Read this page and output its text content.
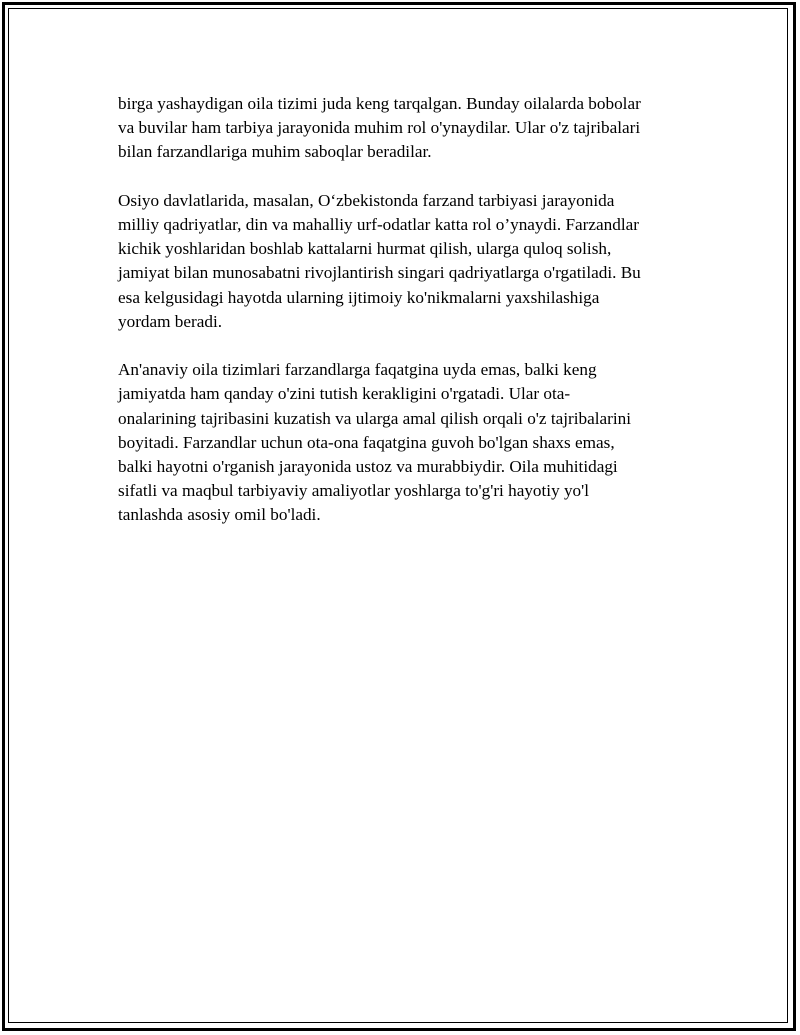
birga yashaydigan oila tizimi juda keng tarqalgan. Bunday oilalarda bobolar
va buvilar ham tarbiya jarayonida muhim rol o'ynaydilar. Ular o'z tajribalari
bilan farzandlariga muhim saboqlar beradilar.

Osiyo davlatlarida, masalan, O‘zbekistonda farzand tarbiyasi jarayonida
milliy qadriyatlar, din va mahalliy urf-odatlar katta rol o’ynaydi. Farzandlar
kichik yoshlaridan boshlab kattalarni hurmat qilish, ularga quloq solish,
jamiyat bilan munosabatni rivojlantirish singari qadriyatlarga o'rgatiladi. Bu
esa kelgusidagi hayotda ularning ijtimoiy ko'nikmalarni yaxshilashiga
yordam beradi.

An'anaviy oila tizimlari farzandlarga faqatgina uyda emas, balki keng
jamiyatda ham qanday o'zini tutish kerakligini o'rgatadi. Ular ota-
onalarining tajribasini kuzatish va ularga amal qilish orqali o'z tajribalarini
boyitadi. Farzandlar uchun ota-ona faqatgina guvoh bo'lgan shaxs emas,
balki hayotni o'rganish jarayonida ustoz va murabbiydir. Oila muhitidagi
sifatli va maqbul tarbiyaviy amaliyotlar yoshlarga to'g'ri hayotiy yo'l
tanlashda asosiy omil bo'ladi.
